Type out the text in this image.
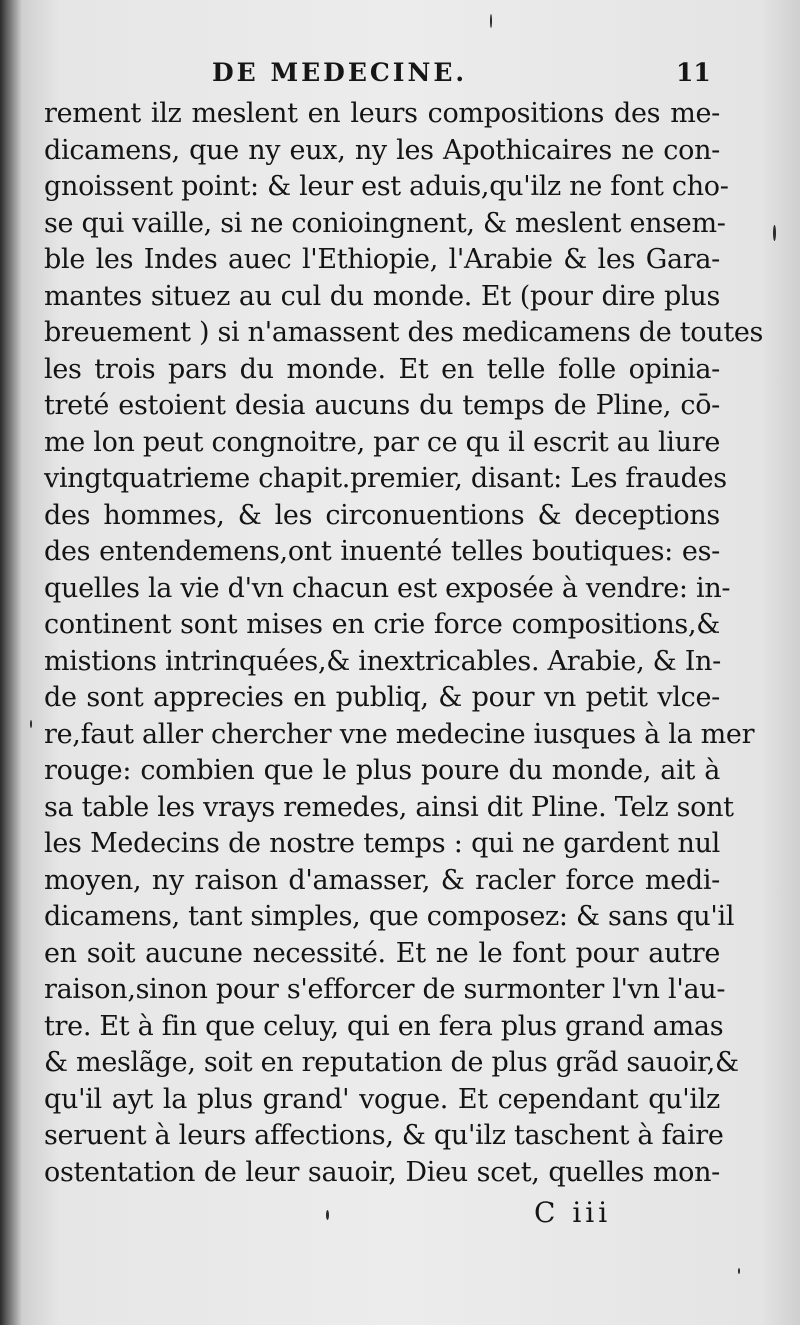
DE MEDECINE.	11
rement ilz meslent en leurs compositions des me-
dicamens, que ny eux, ny les Apothicaires ne con-
gnoissent point: & leur est aduis,qu'ilz ne font cho-
se qui vaille, si ne conioingnent, & meslent ensem-
ble les Indes auec l'Ethiopie, l'Arabie & les Gara-
mantes situez au cul du monde. Et (pour dire plus
breuement ) si n'amassent des medicamens de toutes
les trois pars du monde. Et en telle folle opinia-
treté estoient desia aucuns du temps de Pline, cō-
me lon peut congnoitre, par ce qu il escrit au liure
vingtquatrieme chapit.premier, disant: Les fraudes
des hommes, & les circonuentions & deceptions
des entendemens,ont inuenté telles boutiques: es-
quelles la vie d'vn chacun est exposée à vendre: in-
continent sont mises en crie force compositions,&
mistions intrinquées,& inextricables. Arabie, & In-
de sont apprecies en publiq, & pour vn petit vlce-
re,faut aller chercher vne medecine iusques à la mer
rouge: combien que le plus poure du monde, ait à
sa table les vrays remedes, ainsi dit Pline. Telz sont
les Medecins de nostre temps : qui ne gardent nul
moyen, ny raison d'amasser, & racler force medi-
dicamens, tant simples, que composez: & sans qu'il
en soit aucune necessité. Et ne le font pour autre
raison,sinon pour s'efforcer de surmonter l'vn l'au-
tre. Et à fin que celuy, qui en fera plus grand amas
& meslãge, soit en reputation de plus grãd sauoir,&
qu'il ayt la plus grand' vogue. Et cependant qu'ilz
seruent à leurs affections, & qu'ilz taschent à faire
ostentation de leur sauoir, Dieu scet, quelles mon-
C iii
